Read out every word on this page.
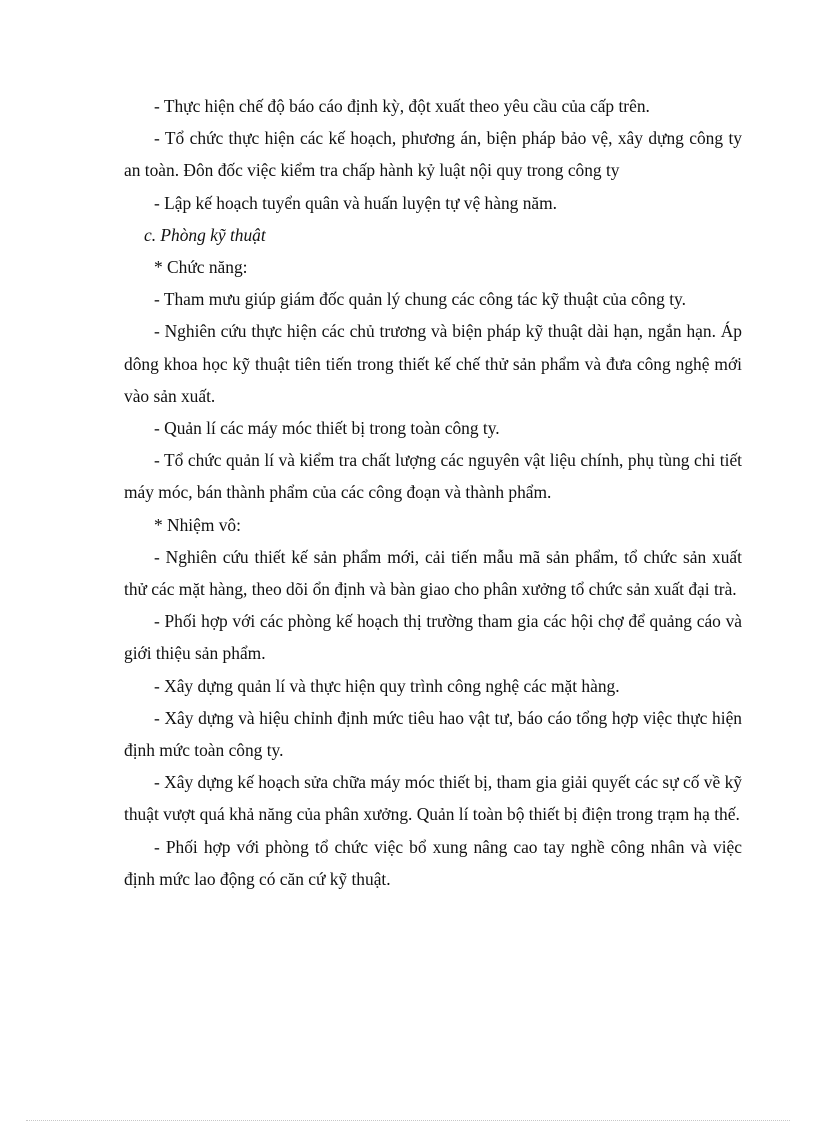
- Thực hiện chế độ báo cáo định kỳ, đột xuất theo yêu cầu của cấp trên.

- Tổ chức thực hiện các kế hoạch, phương án, biện pháp bảo vệ, xây dựng công ty an toàn. Đôn đốc việc kiểm tra chấp hành kỷ luật nội quy trong công ty

- Lập kế hoạch tuyển quân và huấn luyện tự vệ hàng năm.

c. Phòng kỹ thuật

* Chức năng:

- Tham mưu giúp giám đốc quản lý chung các công tác kỹ thuật của công ty.

- Nghiên cứu thực hiện các chủ trương và biện pháp kỹ thuật dài hạn, ngắn hạn. Áp dông khoa học kỹ thuật tiên tiến trong thiết kế chế thử sản phẩm và đưa công nghệ mới vào sản xuất.

- Quản lí các máy móc thiết bị trong toàn công ty.

- Tổ chức quản lí và kiểm tra chất lượng các nguyên vật liệu chính, phụ tùng chi tiết máy móc, bán thành phẩm của các công đoạn và thành phẩm.

* Nhiệm vô:

- Nghiên cứu thiết kế sản phẩm mới, cải tiến mẫu mã sản phẩm, tổ chức sản xuất thử các mặt hàng, theo dõi ổn định và bàn giao cho phân xưởng tổ chức sản xuất đại trà.

- Phối hợp với các phòng kế hoạch thị trường tham gia các hội chợ để quảng cáo và giới thiệu sản phẩm.

- Xây dựng quản lí và thực hiện quy trình công nghệ các mặt hàng.

- Xây dựng và hiệu chỉnh định mức tiêu hao vật tư, báo cáo tổng hợp việc thực hiện định mức toàn công ty.

- Xây dựng kế hoạch sửa chữa máy móc thiết bị, tham gia giải quyết các sự cố về kỹ thuật vượt quá khả năng của phân xưởng. Quản lí toàn bộ thiết bị điện trong trạm hạ thế.

- Phối hợp với phòng tổ chức việc bổ xung nâng cao tay nghề công nhân và việc định mức lao động có căn cứ kỹ thuật.
